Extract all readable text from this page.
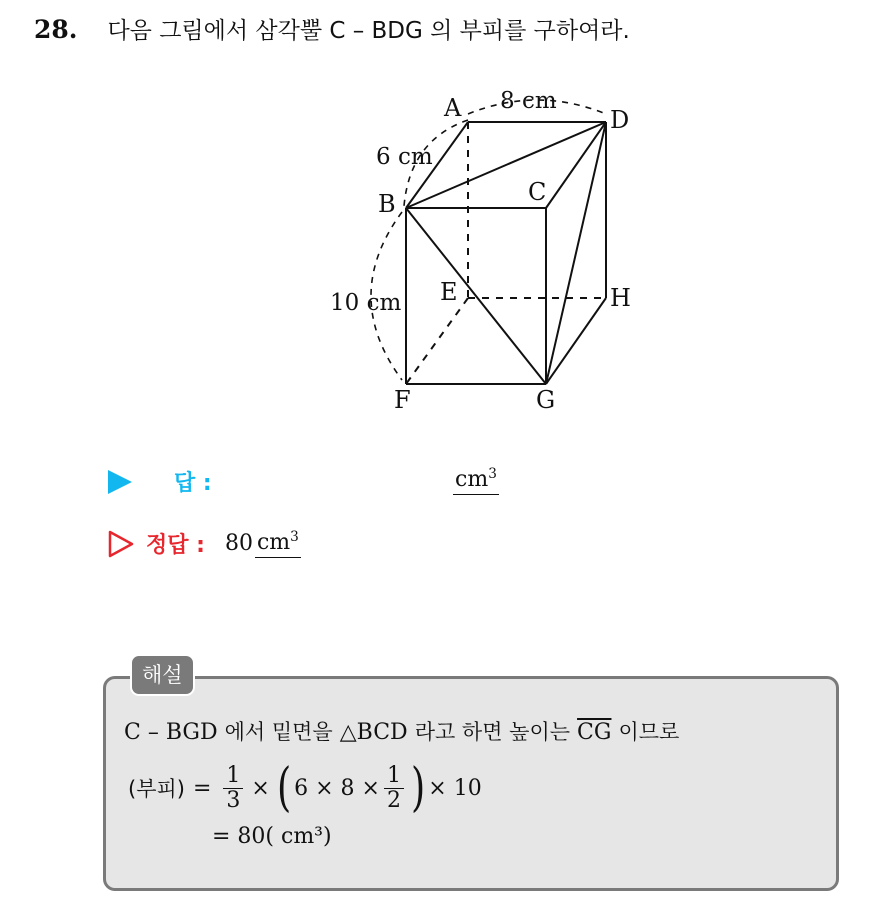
28. 다음 그림에서 삼각뿔 C – BDG 의 부피를 구하여라.
A
B	C
D
E
F	G
H
8 cm
6 cm
10 cm
답 :	$cm^3$
정답 : 80 $cm^3$
해설
C – BGD 에서 밑면을 △BCD 라고 하면 높이는 $\overline{CG}$ 이므로
(부피) = $\frac{1}{3}$ × ( $6 \times 8 \times \frac{1}{2}$ ) × 10
= 80( cm³)
